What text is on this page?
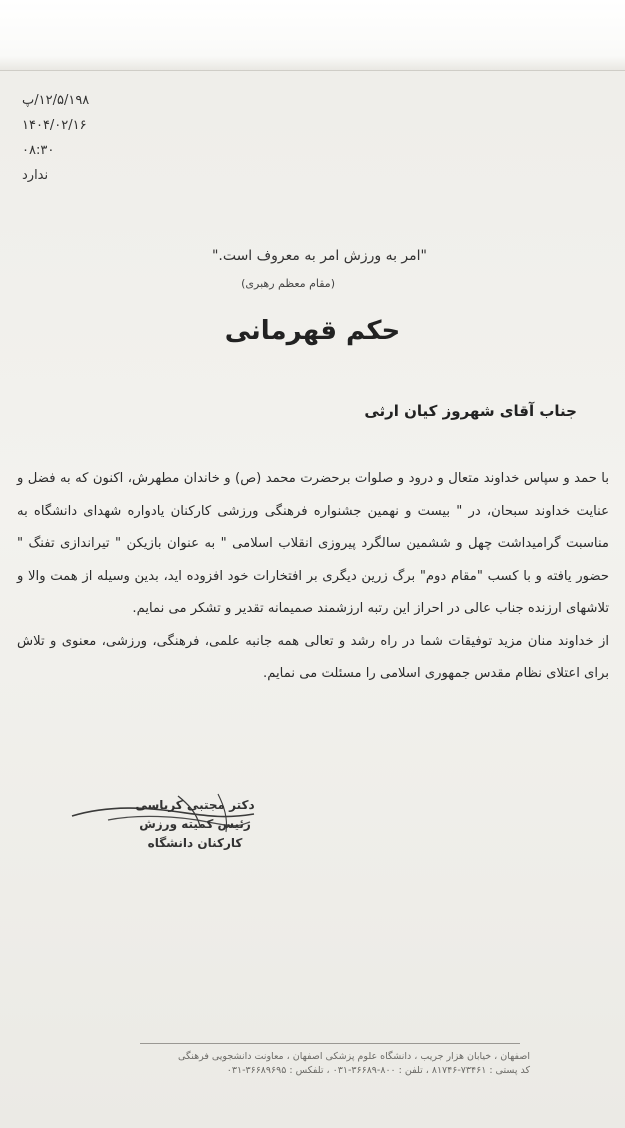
۱۲/۵/۱۹۸/پ
۱۴۰۴/۰۲/۱۶
۰۸:۳۰
ندارد
"امر به ورزش امر به معروف است."
(مقام معظم رهبری)
حکم قهرمانی
جناب آقای شهروز کیان ارثی

با حمد و سپاس خداوند متعال و درود و صلوات برحضرت محمد (ص) و خاندان مطهرش، اکنون که به فضل و عنایت خداوند سبحان، در " بیست و نهمین جشنواره فرهنگی ورزشی کارکنان یادواره شهدای دانشگاه به مناسبت گرامیداشت چهل و ششمین سالگرد پیروزی انقلاب اسلامی " به عنوان بازیکن " تیراندازی تفنگ " حضور یافته و با کسب "مقام دوم" برگ زرین دیگری بر افتخارات خود افزوده اید، بدین وسیله از همت والا و تلاشهای ارزنده جناب عالی در احراز این رتبه ارزشمند صمیمانه تقدیر و تشکر می نمایم.

از خداوند منان مزید توفیقات شما در راه رشد و تعالی همه جانبه علمی، فرهنگی، ورزشی، معنوی و تلاش برای اعتلای نظام مقدس جمهوری اسلامی را مسئلت می نمایم.

دکتر مجتبی کرباسی
رئیس کمیته ورزش
کارکنان دانشگاه
اصفهان ، خیابان هزار جریب ، دانشگاه علوم پزشکی اصفهان ، معاونت دانشجویی فرهنگی
کد پستی : ۷۳۴۶۱-۸۱۷۴۶ ، تلفن : ۸۰۰-۳۶۶۸۹-۰۳۱ ، تلفکس : ۳۶۶۸۹۶۹۵-۰۳۱
